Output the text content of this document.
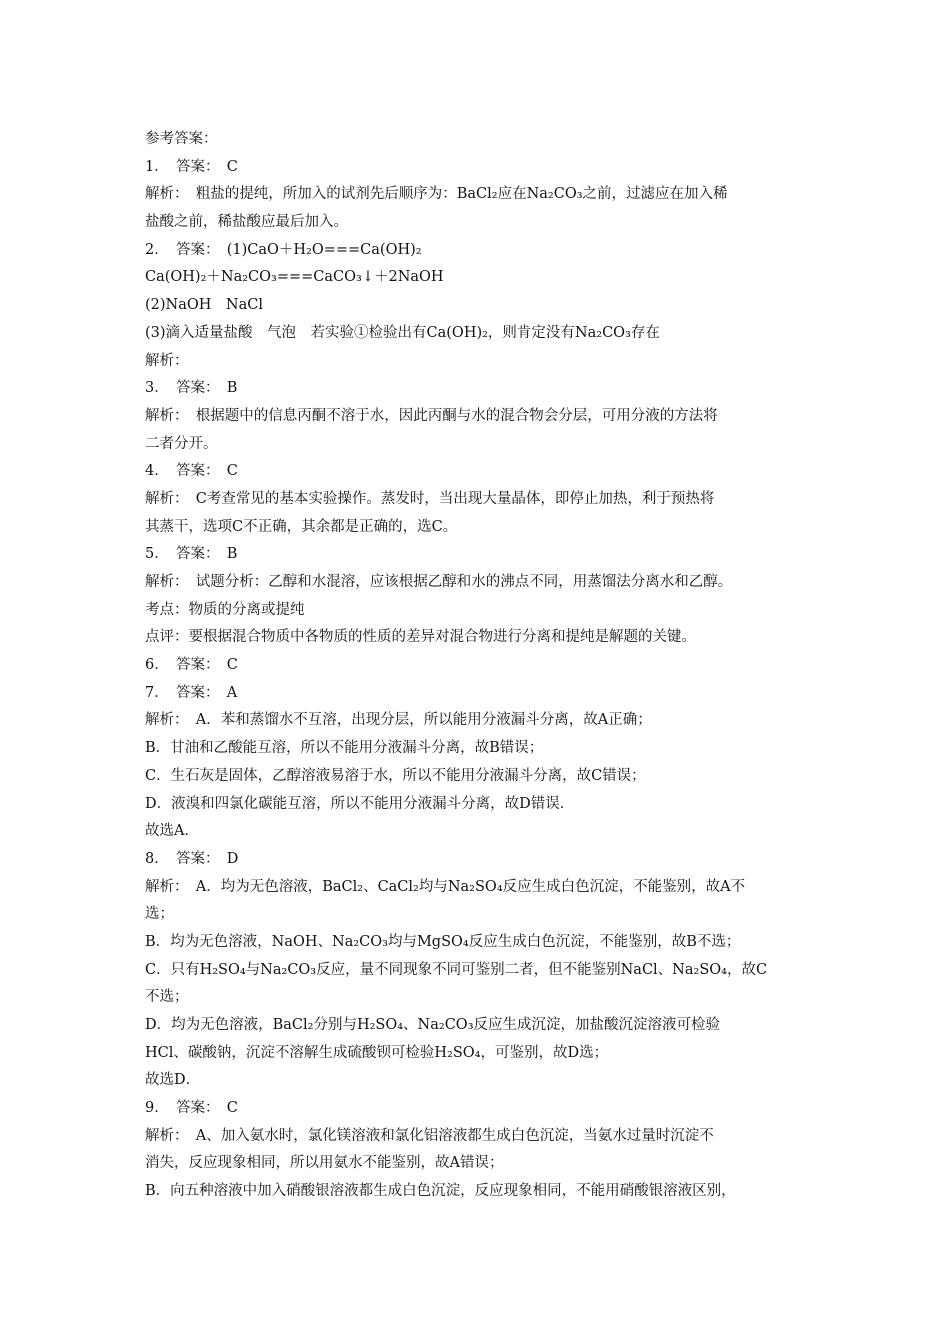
参考答案：
1．　答案：　C
解析：　粗盐的提纯，所加入的试剂先后顺序为：BaCl₂应在Na₂CO₃之前，过滤应在加入稀
盐酸之前，稀盐酸应最后加入。
2．　答案：　(1)CaO＋H₂O===Ca(OH)₂
Ca(OH)₂＋Na₂CO₃===CaCO₃↓＋2NaOH
(2)NaOH　NaCl
(3)滴入适量盐酸　气泡　若实验①检验出有Ca(OH)₂，则肯定没有Na₂CO₃存在
解析：
3．　答案：　B
解析：　根据题中的信息丙酮不溶于水，因此丙酮与水的混合物会分层，可用分液的方法将
二者分开。
4．　答案：　C
解析：　C考查常见的基本实验操作。蒸发时，当出现大量晶体，即停止加热，利于预热将
其蒸干，选项C不正确，其余都是正确的，选C。
5．　答案：　B
解析：　试题分析：乙醇和水混溶，应该根据乙醇和水的沸点不同，用蒸馏法分离水和乙醇。
考点：物质的分离或提纯
点评：要根据混合物质中各物质的性质的差异对混合物进行分离和提纯是解题的关键。
6．　答案：　C
7．　答案：　A
解析：　A．苯和蒸馏水不互溶，出现分层，所以能用分液漏斗分离，故A正确；
B．甘油和乙酸能互溶，所以不能用分液漏斗分离，故B错误；
C．生石灰是固体，乙醇溶液易溶于水，所以不能用分液漏斗分离，故C错误；
D．液溴和四氯化碳能互溶，所以不能用分液漏斗分离，故D错误．
故选A．
8．　答案：　D
解析：　A．均为无色溶液，BaCl₂、CaCl₂均与Na₂SO₄反应生成白色沉淀，不能鉴别，故A不
选；
B．均为无色溶液，NaOH、Na₂CO₃均与MgSO₄反应生成白色沉淀，不能鉴别，故B不选；
C．只有H₂SO₄与Na₂CO₃反应，量不同现象不同可鉴别二者，但不能鉴别NaCl、Na₂SO₄，故C
不选；
D．均为无色溶液，BaCl₂分别与H₂SO₄、Na₂CO₃反应生成沉淀，加盐酸沉淀溶液可检验
HCl、碳酸钠，沉淀不溶解生成硫酸钡可检验H₂SO₄，可鉴别，故D选；
故选D．
9．　答案：　C
解析：　A、加入氨水时，氯化镁溶液和氯化铝溶液都生成白色沉淀，当氨水过量时沉淀不
消失，反应现象相同，所以用氨水不能鉴别，故A错误；
B．向五种溶液中加入硝酸银溶液都生成白色沉淀，反应现象相同，不能用硝酸银溶液区别，
